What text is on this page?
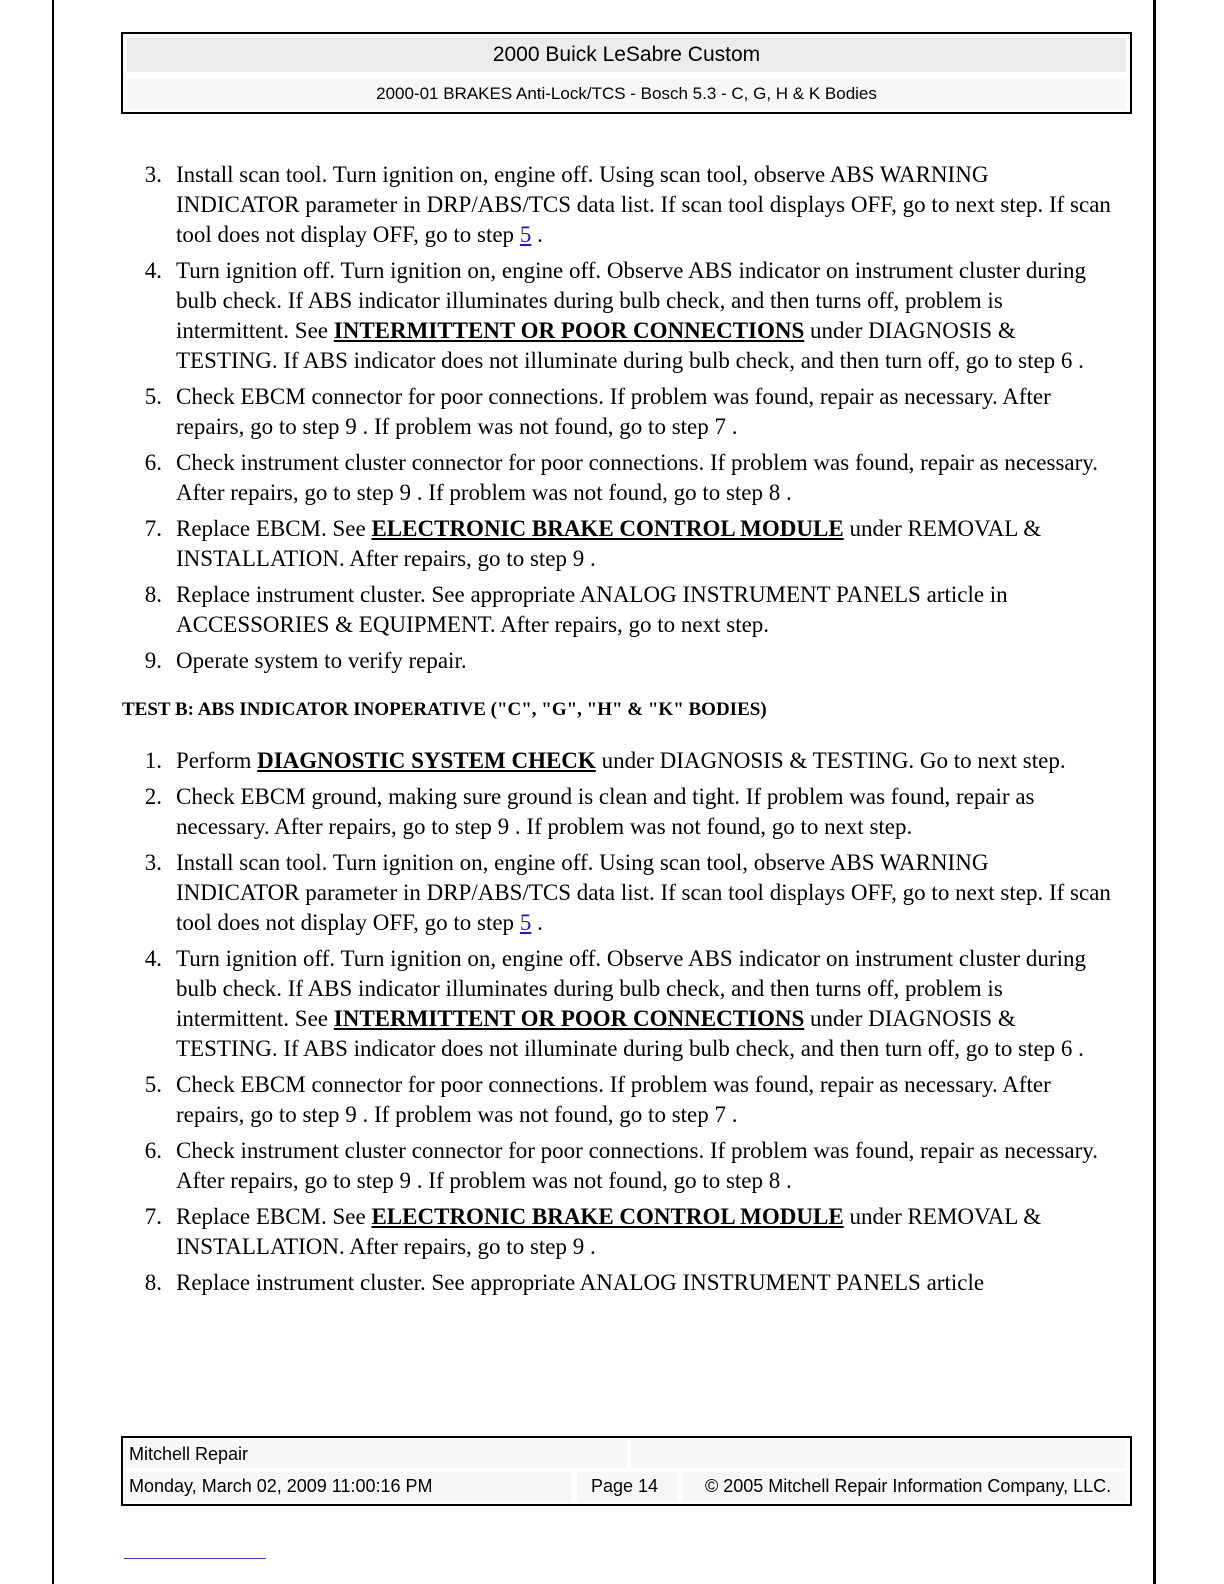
2000 Buick LeSabre Custom
2000-01 BRAKES Anti-Lock/TCS - Bosch 5.3 - C, G, H & K Bodies
3. Install scan tool. Turn ignition on, engine off. Using scan tool, observe ABS WARNING INDICATOR parameter in DRP/ABS/TCS data list. If scan tool displays OFF, go to next step. If scan tool does not display OFF, go to step 5 .
4. Turn ignition off. Turn ignition on, engine off. Observe ABS indicator on instrument cluster during bulb check. If ABS indicator illuminates during bulb check, and then turns off, problem is intermittent. See INTERMITTENT OR POOR CONNECTIONS under DIAGNOSIS & TESTING. If ABS indicator does not illuminate during bulb check, and then turn off, go to step 6 .
5. Check EBCM connector for poor connections. If problem was found, repair as necessary. After repairs, go to step 9 . If problem was not found, go to step 7 .
6. Check instrument cluster connector for poor connections. If problem was found, repair as necessary. After repairs, go to step 9 . If problem was not found, go to step 8 .
7. Replace EBCM. See ELECTRONIC BRAKE CONTROL MODULE under REMOVAL & INSTALLATION. After repairs, go to step 9 .
8. Replace instrument cluster. See appropriate ANALOG INSTRUMENT PANELS article in ACCESSORIES & EQUIPMENT. After repairs, go to next step.
9. Operate system to verify repair.
TEST B: ABS INDICATOR INOPERATIVE ("C", "G", "H" & "K" BODIES)
1. Perform DIAGNOSTIC SYSTEM CHECK under DIAGNOSIS & TESTING. Go to next step.
2. Check EBCM ground, making sure ground is clean and tight. If problem was found, repair as necessary. After repairs, go to step 9 . If problem was not found, go to next step.
3. Install scan tool. Turn ignition on, engine off. Using scan tool, observe ABS WARNING INDICATOR parameter in DRP/ABS/TCS data list. If scan tool displays OFF, go to next step. If scan tool does not display OFF, go to step 5 .
4. Turn ignition off. Turn ignition on, engine off. Observe ABS indicator on instrument cluster during bulb check. If ABS indicator illuminates during bulb check, and then turns off, problem is intermittent. See INTERMITTENT OR POOR CONNECTIONS under DIAGNOSIS & TESTING. If ABS indicator does not illuminate during bulb check, and then turn off, go to step 6 .
5. Check EBCM connector for poor connections. If problem was found, repair as necessary. After repairs, go to step 9 . If problem was not found, go to step 7 .
6. Check instrument cluster connector for poor connections. If problem was found, repair as necessary. After repairs, go to step 9 . If problem was not found, go to step 8 .
7. Replace EBCM. See ELECTRONIC BRAKE CONTROL MODULE under REMOVAL & INSTALLATION. After repairs, go to step 9 .
8. Replace instrument cluster. See appropriate ANALOG INSTRUMENT PANELS article
Mitchell Repair
Monday, March 02, 2009 11:00:16 PM	Page 14	© 2005 Mitchell Repair Information Company, LLC.
